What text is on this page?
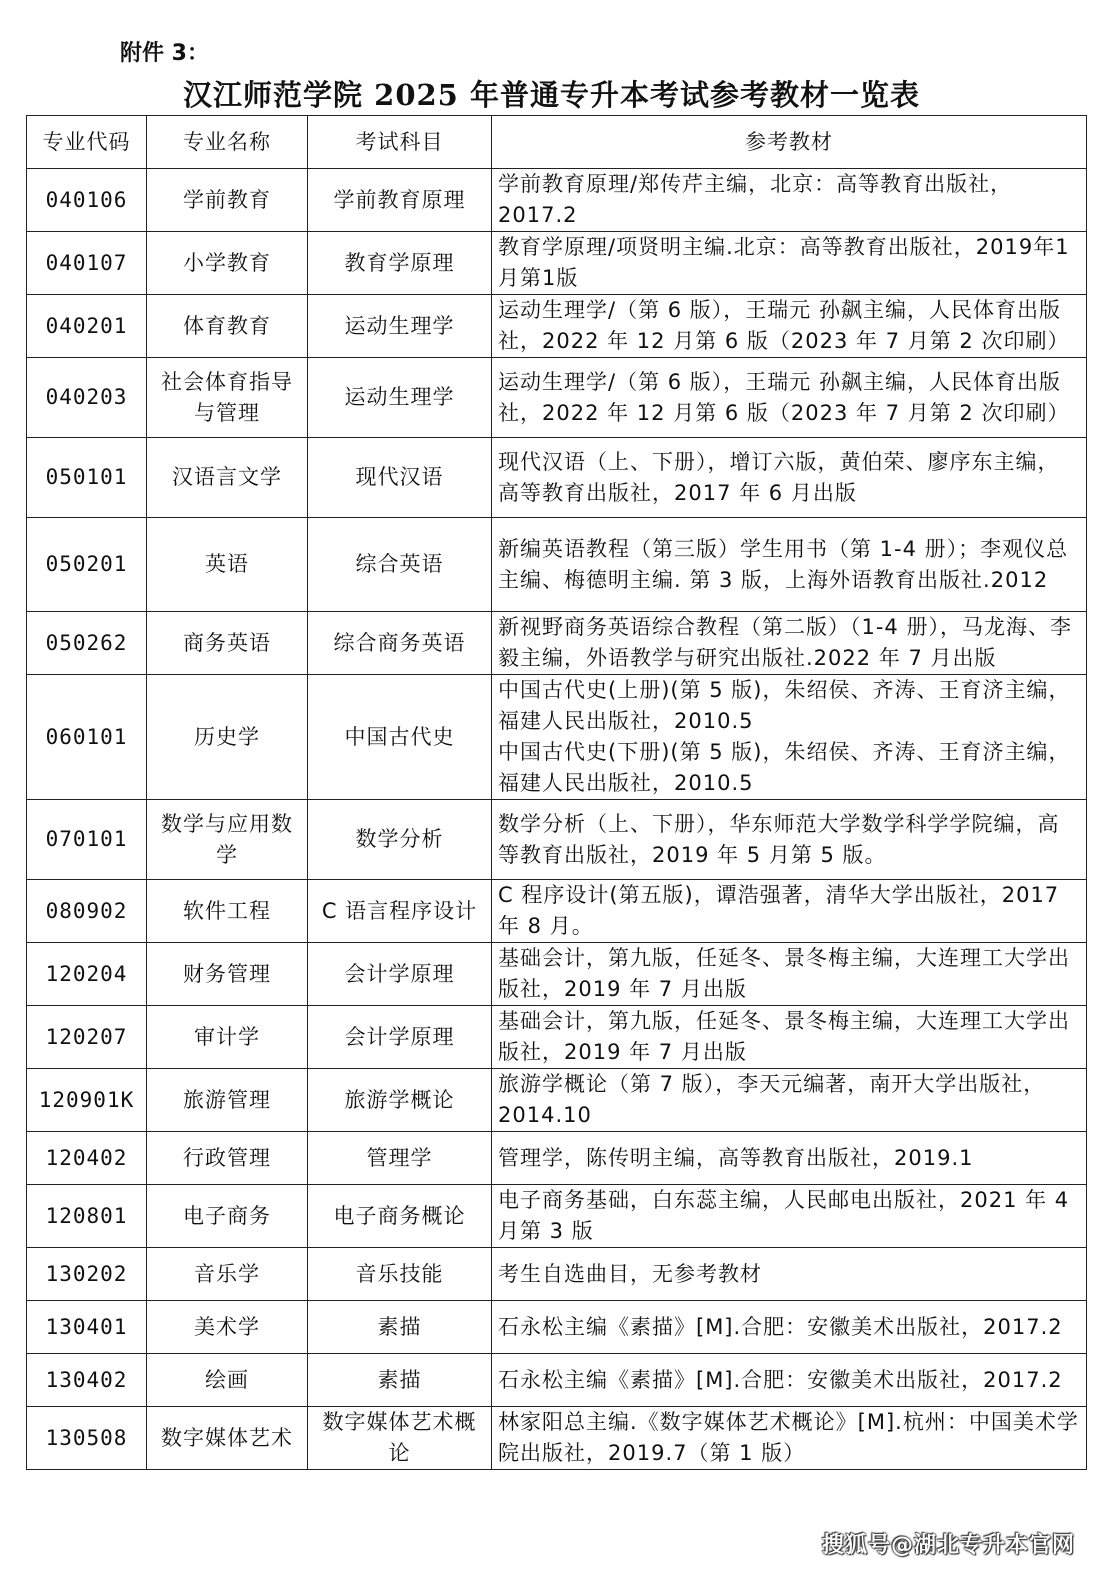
附件 3：
汉江师范学院 2025 年普通专升本考试参考教材一览表
专业代码	专业名称	考试科目	参考教材
040106	学前教育	学前教育原理	学前教育原理/郑传芹主编，北京：高等教育出版社，2017.2
040107	小学教育	教育学原理	教育学原理/项贤明主编.北京：高等教育出版社，2019年1月第1版
040201	体育教育	运动生理学	运动生理学/（第 6 版），王瑞元 孙飙主编，人民体育出版社，2022 年 12 月第 6 版（2023 年 7 月第 2 次印刷）
040203	社会体育指导与管理	运动生理学	运动生理学/（第 6 版），王瑞元 孙飙主编，人民体育出版社，2022 年 12 月第 6 版（2023 年 7 月第 2 次印刷）
050101	汉语言文学	现代汉语	现代汉语（上、下册），增订六版，黄伯荣、廖序东主编，高等教育出版社，2017 年 6 月出版
050201	英语	综合英语	新编英语教程（第三版）学生用书（第 1-4 册）；李观仪总主编、梅德明主编. 第 3 版，上海外语教育出版社.2012
050262	商务英语	综合商务英语	新视野商务英语综合教程（第二版）（1-4 册），马龙海、李毅主编，外语教学与研究出版社.2022 年 7 月出版
060101	历史学	中国古代史	中国古代史(上册)(第 5 版)，朱绍侯、齐涛、王育济主编，福建人民出版社，2010.5
中国古代史(下册)(第 5 版)，朱绍侯、齐涛、王育济主编，福建人民出版社，2010.5
070101	数学与应用数学	数学分析	数学分析（上、下册），华东师范大学数学科学学院编，高等教育出版社，2019 年 5 月第 5 版。
080902	软件工程	C 语言程序设计	C 程序设计(第五版)，谭浩强著，清华大学出版社，2017 年 8 月。
120204	财务管理	会计学原理	基础会计，第九版，任延冬、景冬梅主编，大连理工大学出版社，2019 年 7 月出版
120207	审计学	会计学原理	基础会计，第九版，任延冬、景冬梅主编，大连理工大学出版社，2019 年 7 月出版
120901K	旅游管理	旅游学概论	旅游学概论（第 7 版），李天元编著，南开大学出版社，2014.10
120402	行政管理	管理学	管理学，陈传明主编，高等教育出版社，2019.1
120801	电子商务	电子商务概论	电子商务基础，白东蕊主编，人民邮电出版社，2021 年 4 月第 3 版
130202	音乐学	音乐技能	考生自选曲目，无参考教材
130401	美术学	素描	石永松主编《素描》[M].合肥：安徽美术出版社，2017.2
130402	绘画	素描	石永松主编《素描》[M].合肥：安徽美术出版社，2017.2
130508	数字媒体艺术	数字媒体艺术概论	林家阳总主编.《数字媒体艺术概论》[M].杭州：中国美术学院出版社，2019.7（第 1 版）
搜狐号@湖北专升本官网
